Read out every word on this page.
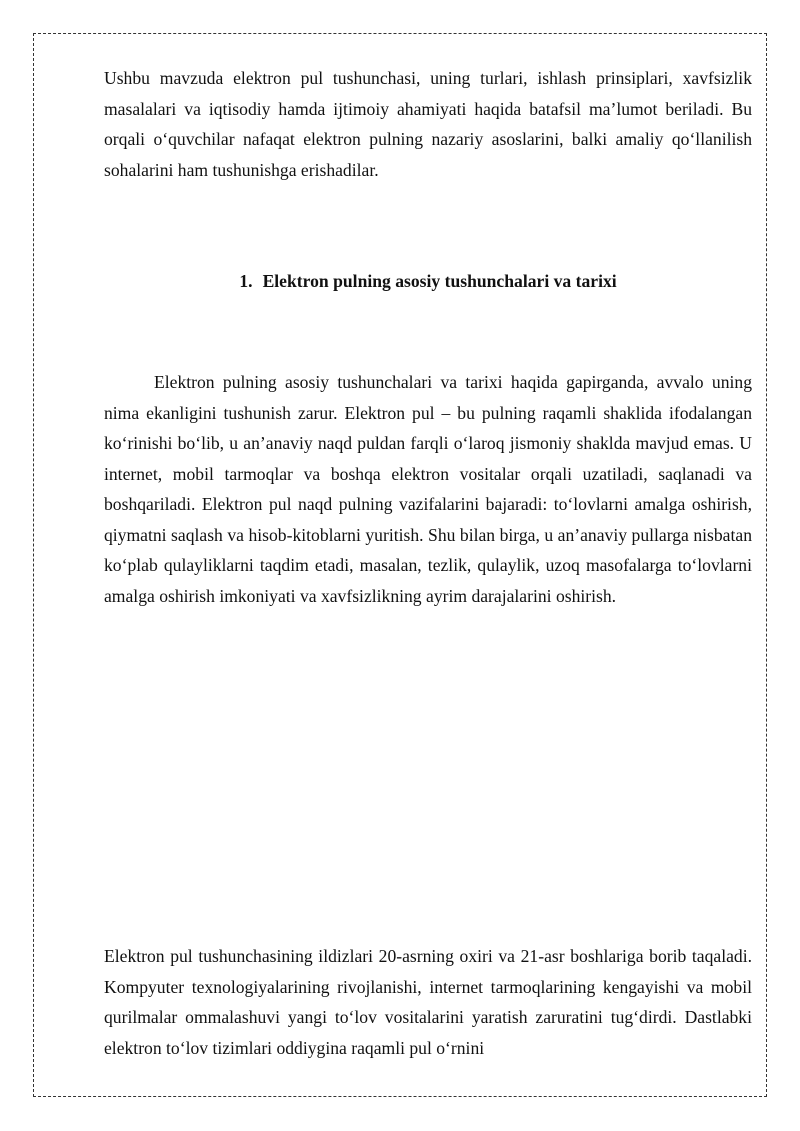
Ushbu mavzuda elektron pul tushunchasi, uning turlari, ishlash prinsiplari, xavfsizlik masalalari va iqtisodiy hamda ijtimoiy ahamiyati haqida batafsil ma’lumot beriladi. Bu orqali o‘quvchilar nafaqat elektron pulning nazariy asoslarini, balki amaliy qo‘llanilish sohalarini ham tushunishga erishadilar.

1. Elektron pulning asosiy tushunchalari va tarixi

Elektron pulning asosiy tushunchalari va tarixi haqida gapirganda, avvalo uning nima ekanligini tushunish zarur. Elektron pul – bu pulning raqamli shaklida ifodalangan ko‘rinishi bo‘lib, u an’anaviy naqd puldan farqli o‘laroq jismoniy shaklda mavjud emas. U internet, mobil tarmoqlar va boshqa elektron vositalar orqali uzatiladi, saqlanadi va boshqariladi. Elektron pul naqd pulning vazifalarini bajaradi: to‘lovlarni amalga oshirish, qiymatni saqlash va hisob-kitoblarni yuritish. Shu bilan birga, u an’anaviy pullarga nisbatan ko‘plab qulayliklarni taqdim etadi, masalan, tezlik, qulaylik, uzoq masofalarga to‘lovlarni amalga oshirish imkoniyati va xavfsizlikning ayrim darajalarini oshirish.

Elektron pul tushunchasining ildizlari 20-asrning oxiri va 21-asr boshlariga borib taqaladi. Kompyuter texnologiyalarining rivojlanishi, internet tarmoqlarining kengayishi va mobil qurilmalar ommalashuvi yangi to‘lov vositalarini yaratish zaruratini tug‘dirdi. Dastlabki elektron to‘lov tizimlari oddiygina raqamli pul o‘rnini
